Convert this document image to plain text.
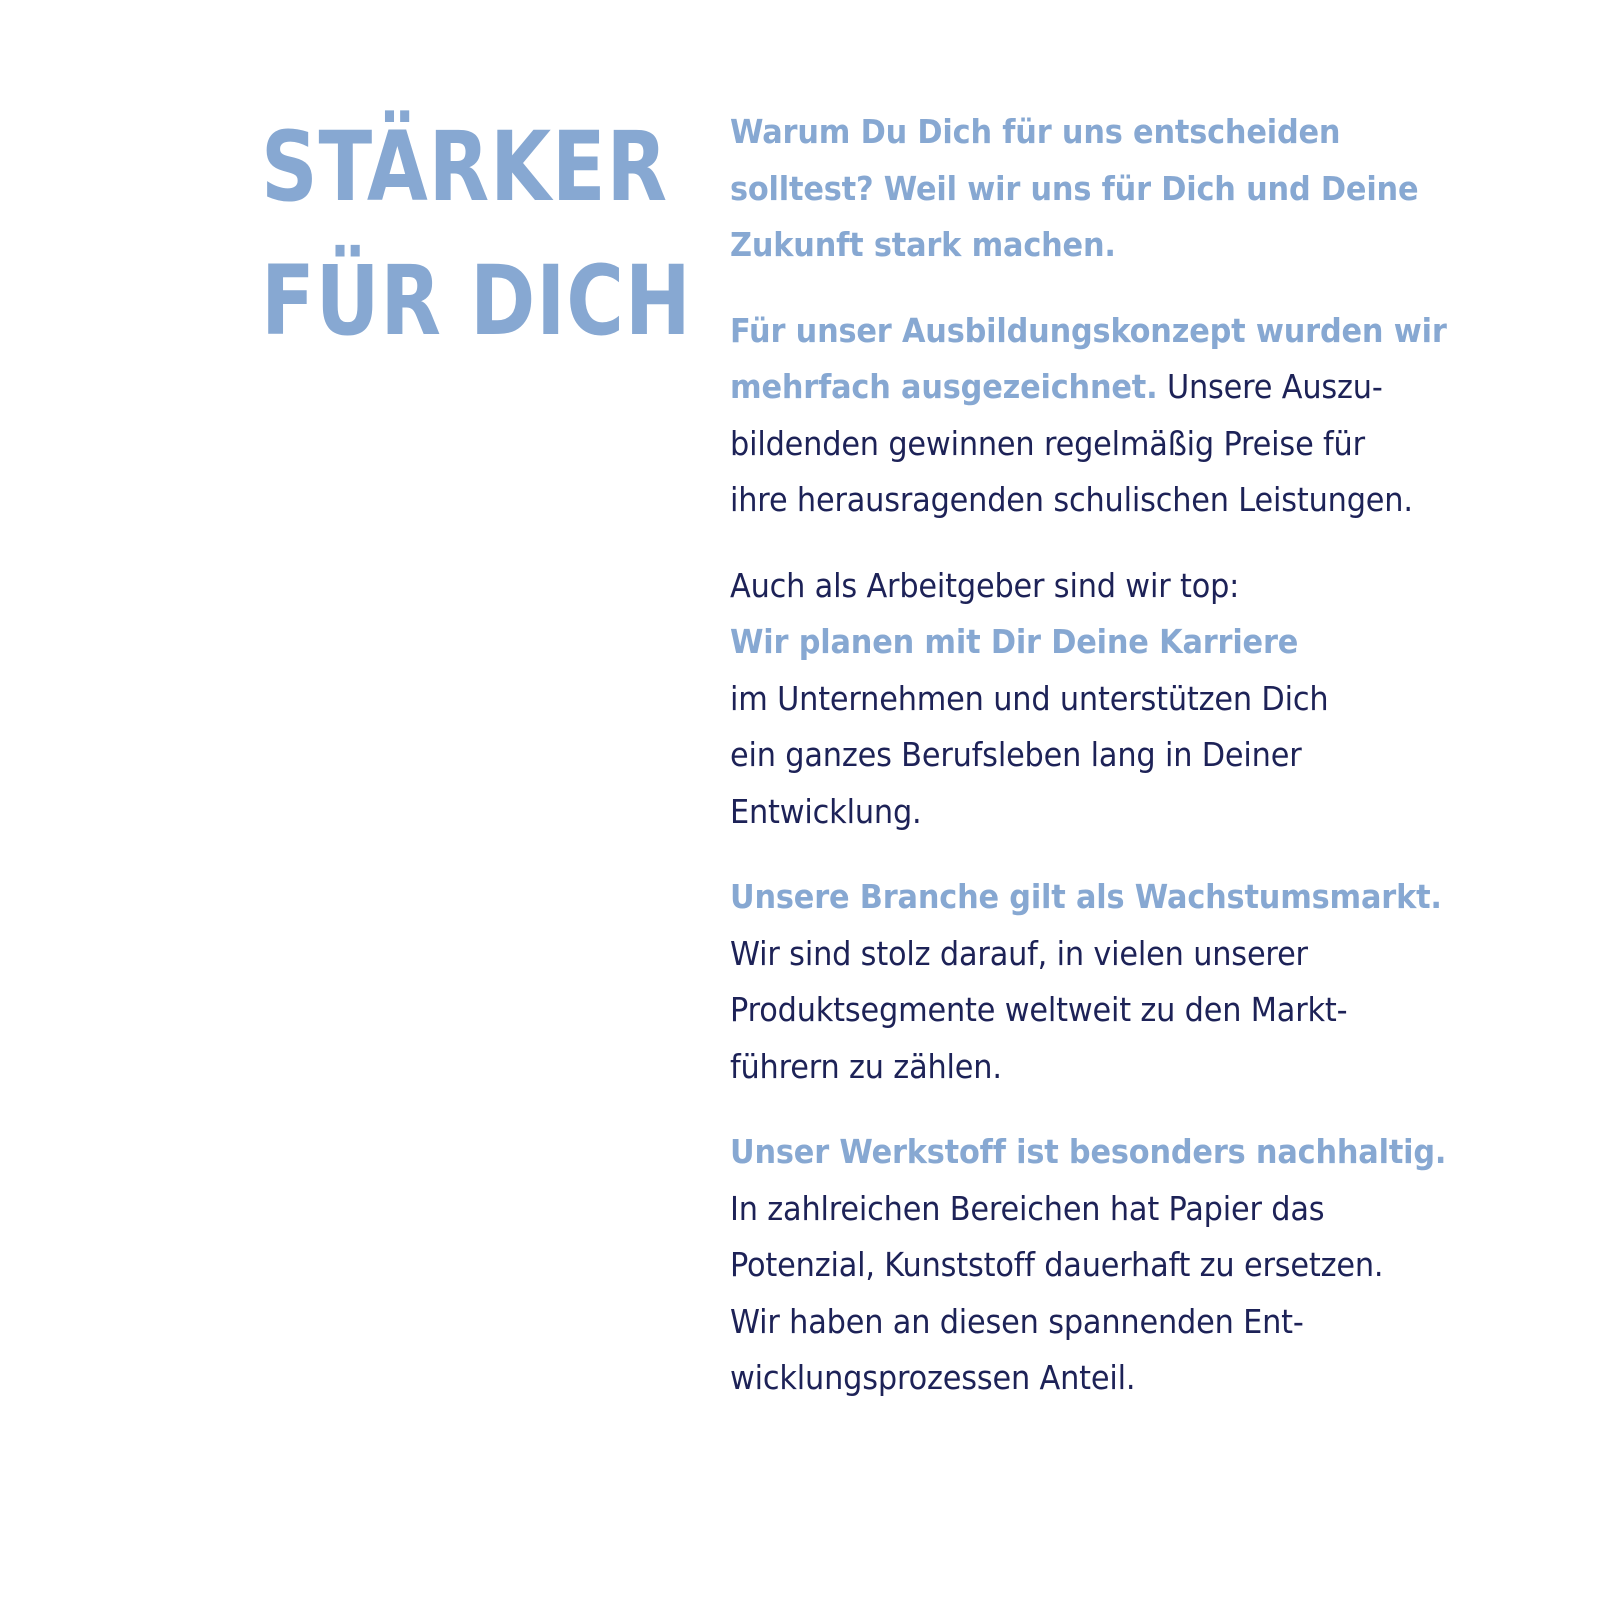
STÄRKER
FÜR DICH

Warum Du Dich für uns entscheiden
solltest? Weil wir uns für Dich und Deine
Zukunft stark machen.

Für unser Ausbildungskonzept wurden wir
mehrfach ausgezeichnet. Unsere Auszu-
bildenden gewinnen regelmäßig Preise für
ihre herausragenden schulischen Leistungen.

Auch als Arbeitgeber sind wir top:
Wir planen mit Dir Deine Karriere
im Unternehmen und unterstützen Dich
ein ganzes Berufsleben lang in Deiner
Entwicklung.

Unsere Branche gilt als Wachstumsmarkt.
Wir sind stolz darauf, in vielen unserer
Produktsegmente weltweit zu den Markt-
führern zu zählen.

Unser Werkstoff ist besonders nachhaltig.
In zahlreichen Bereichen hat Papier das
Potenzial, Kunststoff dauerhaft zu ersetzen.
Wir haben an diesen spannenden Ent-
wicklungsprozessen Anteil.
